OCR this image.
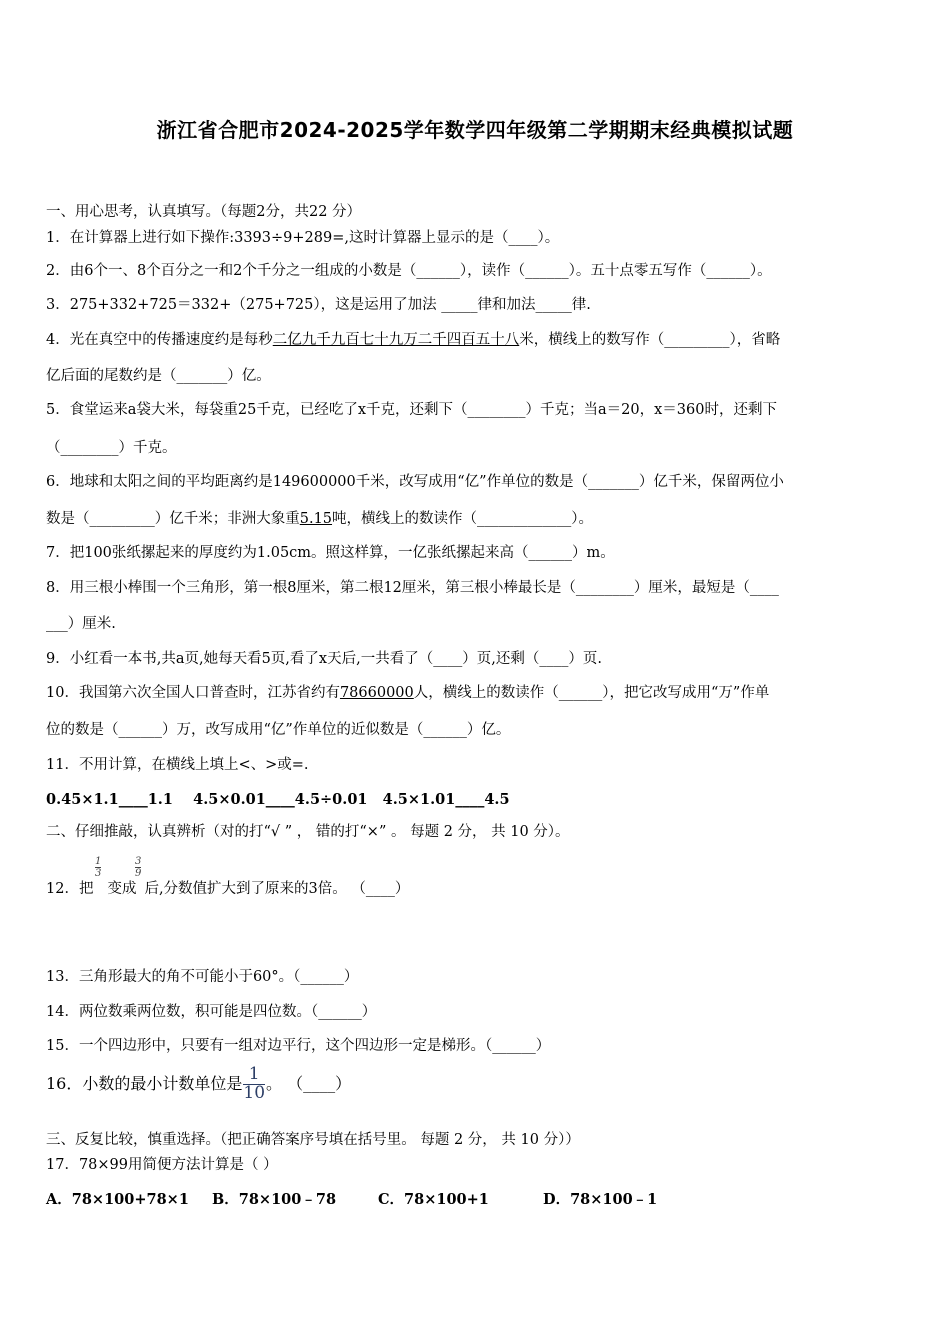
浙江省合肥市2024-2025学年数学四年级第二学期期末经典模拟试题
一、用心思考，认真填写。（每题2分，共22 分）
1．在计算器上进行如下操作:3393÷9+289=,这时计算器上显示的是（____）。
2．由6个一、8个百分之一和2个千分之一组成的小数是（______），读作（______）。五十点零五写作（______）。
3．275+332+725＝332+（275+725），这是运用了加法 _____律和加法_____律.
4．光在真空中的传播速度约是每秒二亿九千九百七十九万二千四百五十八米，横线上的数写作（_________），省略
亿后面的尾数约是（_______）亿。
5．食堂运来a袋大米，每袋重25千克，已经吃了x千克，还剩下（________）千克；当a＝20，x＝360时，还剩下
（________）千克。
6．地球和太阳之间的平均距离约是149600000千米，改写成用“亿”作单位的数是（_______）亿千米，保留两位小
数是（_________）亿千米；非洲大象重5.15吨，横线上的数读作（_____________）。
7．把100张纸摞起来的厚度约为1.05cm。照这样算，一亿张纸摞起来高（______）m。
8．用三根小棒围一个三角形，第一根8厘米，第二根12厘米，第三根小棒最长是（________）厘米，最短是（____
___）厘米.
9．小红看一本书,共a页,她每天看5页,看了x天后,一共看了（____）页,还剩（____）页.
10．我国第六次全国人口普查时，江苏省约有78660000人，横线上的数读作（______），把它改写成用“万”作单
位的数是（______）万，改写成用“亿”作单位的近似数是（______）亿。
11．不用计算，在横线上填上<、>或=.
0.45×1.1____1.1    4.5×0.01____4.5÷0.01   4.5×1.01____4.5
二、仔细推敲，认真辨析（对的打“√ ” ， 错的打“×” 。 每题 2 分， 共 10 分）。
$\frac{1}{3}$	$\frac{3}{9}$
12．把 变成 后,分数值扩大到了原来的3倍。 （____）
13．三角形最大的角不可能小于60°。（______）
14．两位数乘两位数，积可能是四位数。（______）
15．一个四边形中，只要有一组对边平行，这个四边形一定是梯形。（______）
16．小数的最小计数单位是 $\frac{1}{10}$ 。 （____）
三、反复比较，慎重选择。（把正确答案序号填在括号里。 每题 2 分， 共 10 分））
17．78×99用简便方法计算是（ ）
A．78×100+78×1 B．78×100﹣78	C．78×100+1	D．78×100﹣1
